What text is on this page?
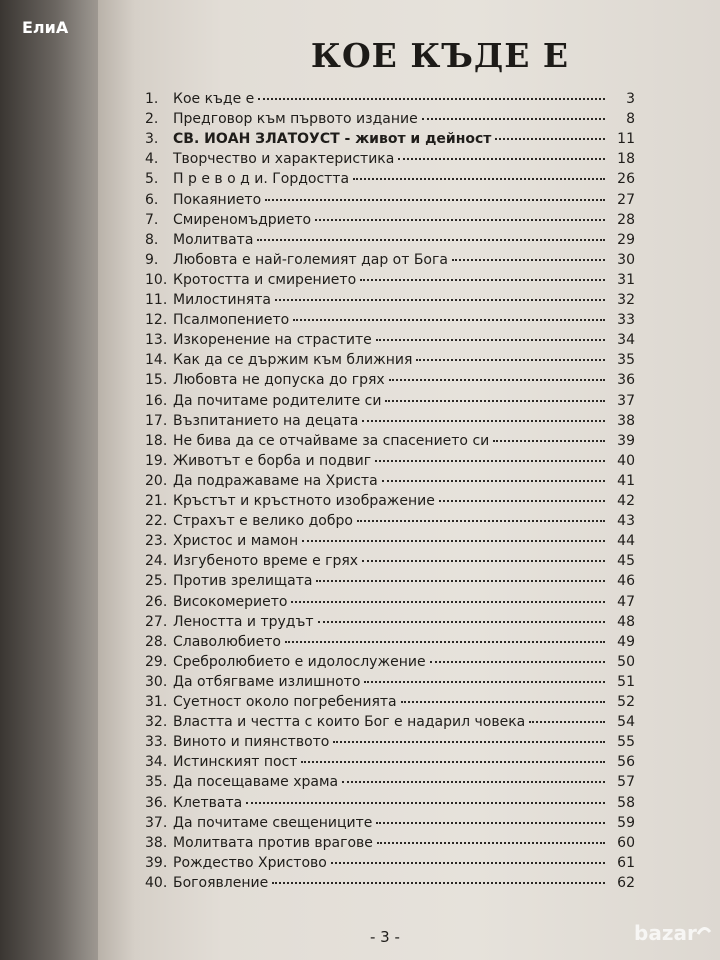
ЕлиА
КОЕ КЪДЕ Е
1.	Кое къде е	3
2.	Предговор към първото издание	8
3.	СВ. ИОАН ЗЛАТОУСТ - живот и дейност	11
4.	Творчество и характеристика	18
5.	П р е в о д и. Гордостта	26
6.	Покаянието	27
7.	Смиреномъдрието	28
8.	Молитвата	29
9.	Любовта е най-големият дар от Бога	30
10. Кротостта и смирението	31
11. Милостинята	32
12. Псалмопението	33
13. Изкоренение на страстите	34
14. Как да се държим към ближния	35
15. Любовта не допуска до грях	36
16. Да почитаме родителите си	37
17. Възпитанието на децата	38
18. Не бива да се отчайваме за спасението си	39
19. Животът е борба и подвиг	40
20. Да подражаваме на Христа	41
21. Кръстът и кръстното изображение	42
22. Страхът е велико добро	43
23. Христос и мамон	44
24. Изгубеното време е грях	45
25. Против зрелищата	46
26. Високомерието	47
27. Леността и трудът	48
28. Славолюбието	49
29. Сребролюбието е идолослужение	50
30. Да отбягваме излишното	51
31. Суетност около погребенията	52
32. Властта и честта с които Бог е надарил човека	54
33. Виното и пиянството	55
34. Истинският пост	56
35. Да посещаваме храма	57
36. Клетвата	58
37. Да почитаме свещениците	59
38. Молитвата против врагове	60
39. Рождество Христово	61
40. Богоявление	62
- 3 -	bazar
